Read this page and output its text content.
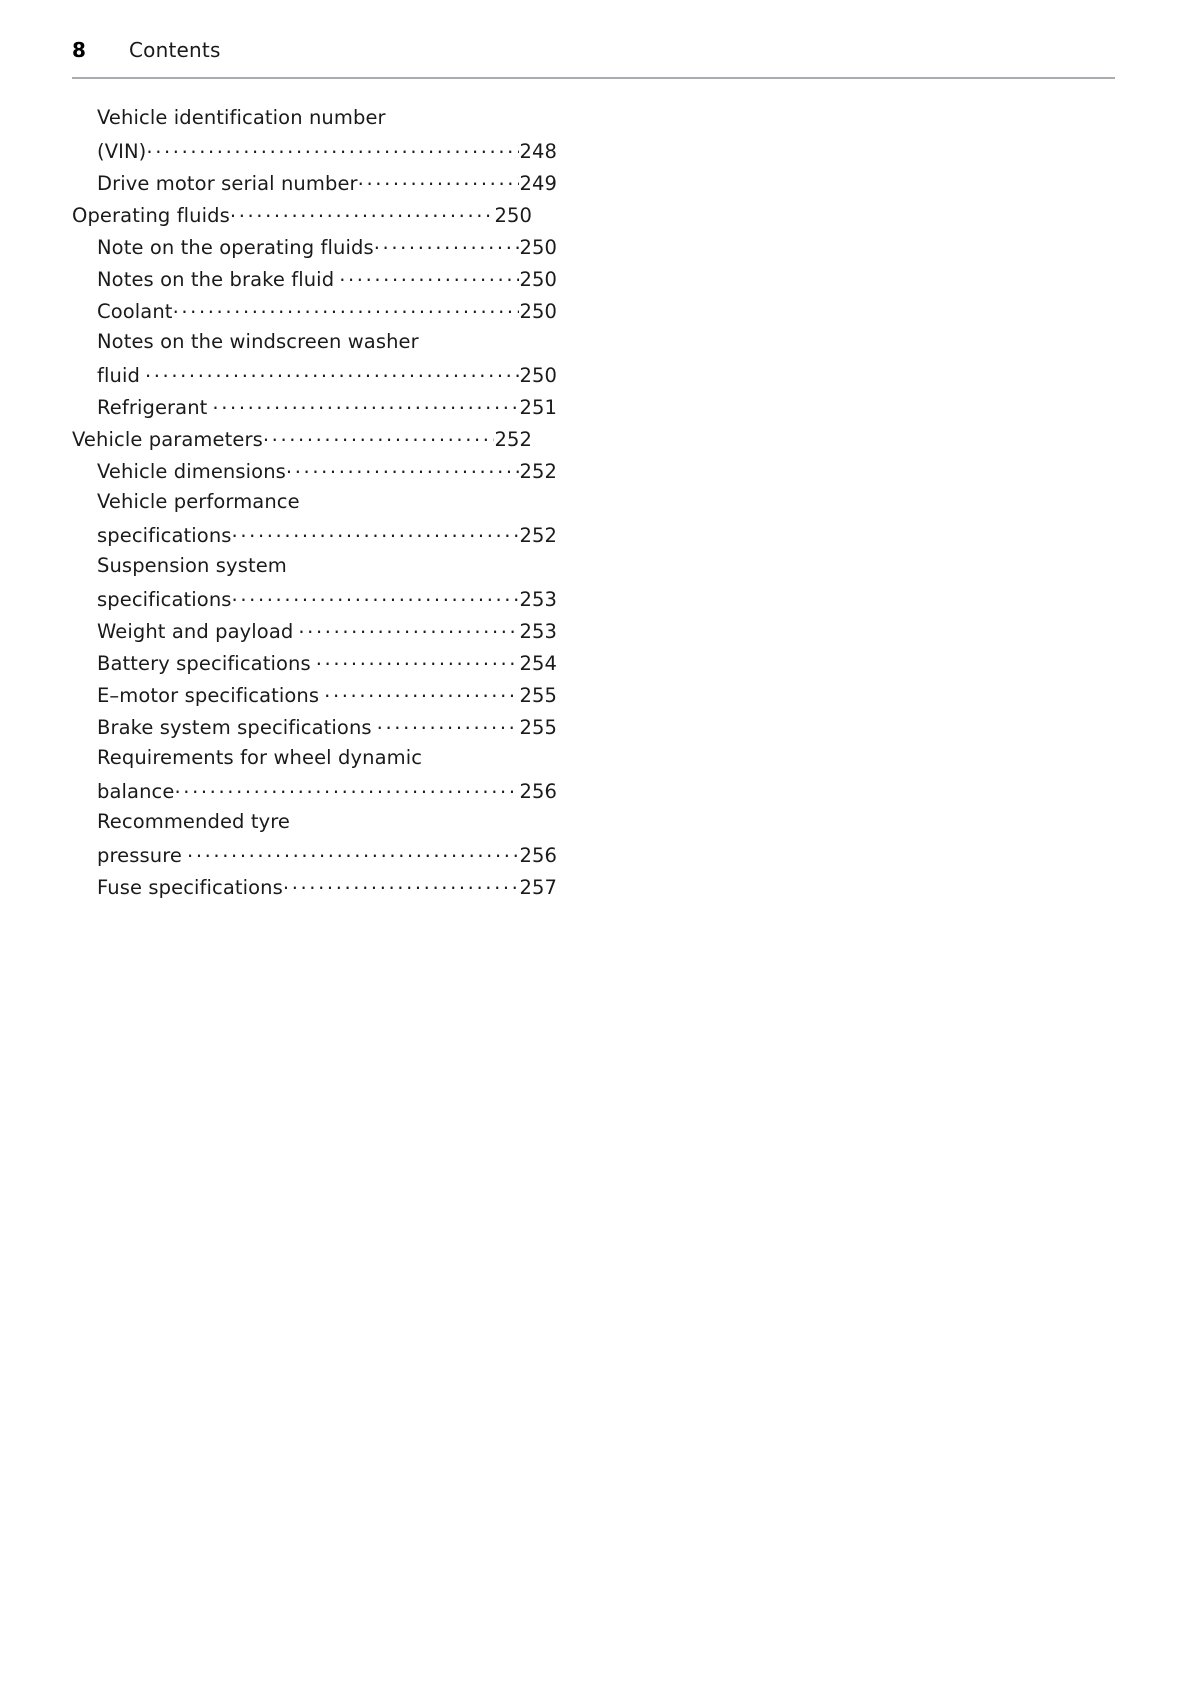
8	Contents
Vehicle identification number
(VIN) .....	248
Drive motor serial number .....	249
Operating fluids .....	250
Note on the operating fluids .....	250
Notes on the brake fluid .....	250
Coolant .....	250
Notes on the windscreen washer
fluid .....	250
Refrigerant .....	251
Vehicle parameters .....	252
Vehicle dimensions .....	252
Vehicle performance
specifications .....	252
Suspension system
specifications .....	253
Weight and payload .....	253
Battery specifications .....	254
E–motor specifications .....	255
Brake system specifications .....	255
Requirements for wheel dynamic
balance .....	256
Recommended tyre
pressure .....	256
Fuse specifications .....	257
